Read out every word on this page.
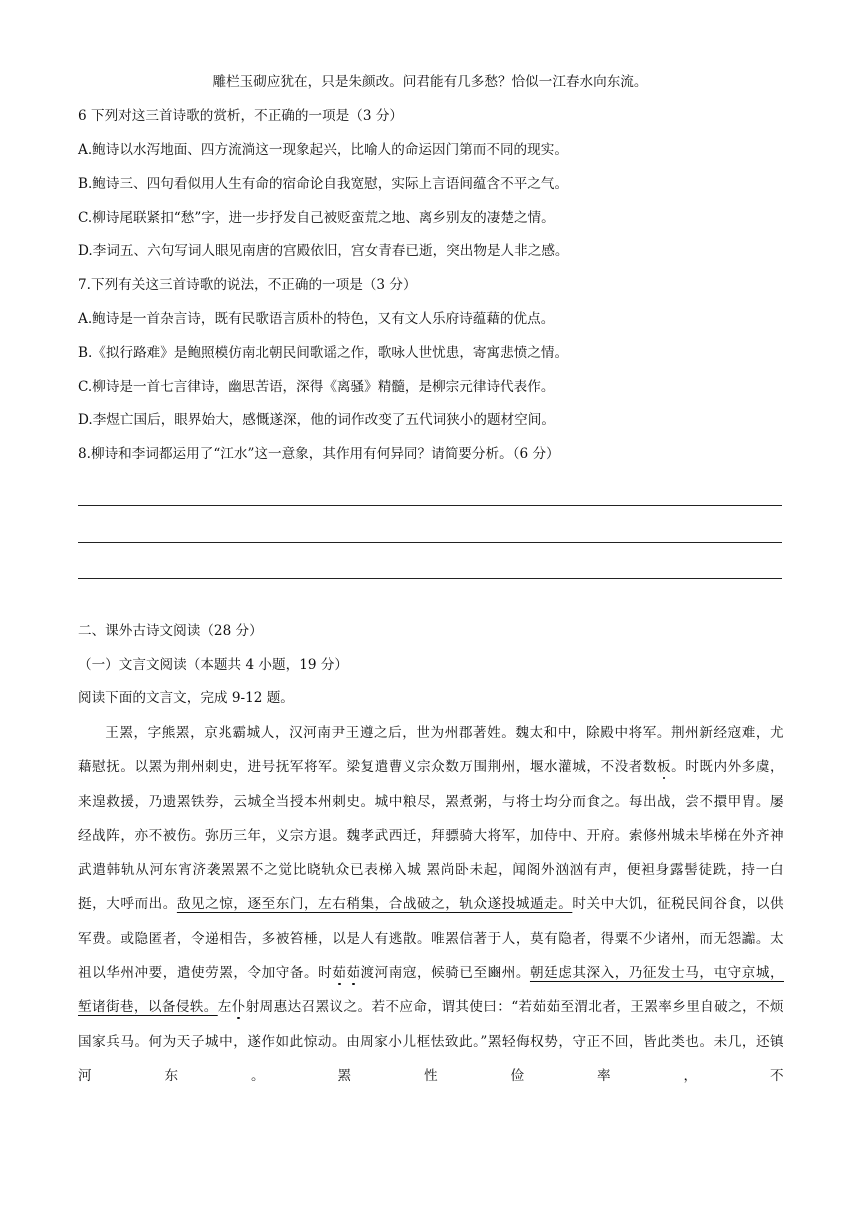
雕栏玉砌应犹在，只是朱颜改。问君能有几多愁？恰似一江春水向东流。
6 下列对这三首诗歌的赏析，不正确的一项是（3 分）
A.鲍诗以水泻地面、四方流淌这一现象起兴，比喻人的命运因门第而不同的现实。
B.鲍诗三、四句看似用人生有命的宿命论自我宽慰，实际上言语间蕴含不平之气。
C.柳诗尾联紧扣“愁”字，进一步抒发自己被贬蛮荒之地、离乡别友的凄楚之情。
D.李词五、六句写词人眼见南唐的宫殿依旧，宫女青春已逝，突出物是人非之感。
7.下列有关这三首诗歌的说法，不正确的一项是（3 分）
A.鲍诗是一首杂言诗，既有民歌语言质朴的特色，又有文人乐府诗蕴藉的优点。
B.《拟行路难》是鲍照模仿南北朝民间歌谣之作，歌咏人世忧患，寄寓悲愤之情。
C.柳诗是一首七言律诗，幽思苦语，深得《离骚》精髓，是柳宗元律诗代表作。
D.李煜亡国后，眼界始大，感慨遂深，他的词作改变了五代词狭小的题材空间。
8.柳诗和李词都运用了“江水”这一意象，其作用有何异同？请简要分析。（6 分）
二、课外古诗文阅读（28 分）
（一）文言文阅读（本题共 4 小题，19 分）
阅读下面的文言文，完成 9-12 题。
王罴，字熊罴，京兆霸城人，汉河南尹王遵之后，世为州郡著姓。魏太和中，除殿中将军。荆州新经寇难，尤藉慰抚。以罴为荆州刺史，进号抚军将军。梁复遣曹义宗众数万围荆州，堰水灌城，不没者数板。时既内外多虞，来遑救援，乃遗罴铁券，云城全当授本州刺史。城中粮尽，罴煮粥，与将士均分而食之。每出战，尝不擐甲胄。屡经战阵，亦不被伤。弥历三年，义宗方退。魏孝武西迁，拜骠骑大将军，加侍中、开府。索修州城未毕梯在外齐神武遣韩轨从河东宵济袭罴罴不之觉比晓轨众已表梯入城 罴尚卧未起，闻阁外汹汹有声，便袒身露髻徒跣，持一白挺，大呼而出。敌见之惊，逐至东门，左右稍集，合战破之，轨众遂投城遁走。时关中大饥，征税民间谷食，以供军费。或隐匿者，令递相告，多被笞棰，以是人有逃散。唯罴信著于人，莫有隐者，得粟不少诸州，而无怨讟。太祖以华州冲要，遣使劳罴，令加守备。时茹茹渡河南寇，候骑已至豳州。朝廷虑其深入，乃征发士马，屯守京城，堑诸街巷，以备侵轶。左仆射周惠达召罴议之。若不应命，谓其使曰：“若茹茹至渭北者，王罴率乡里自破之，不烦国家兵马。何为天子城中，遂作如此惊动。由周家小儿框怯致此。”罴轻侮权势，守正不回，皆此类也。未几，还镇河东。罴性俭率，不
